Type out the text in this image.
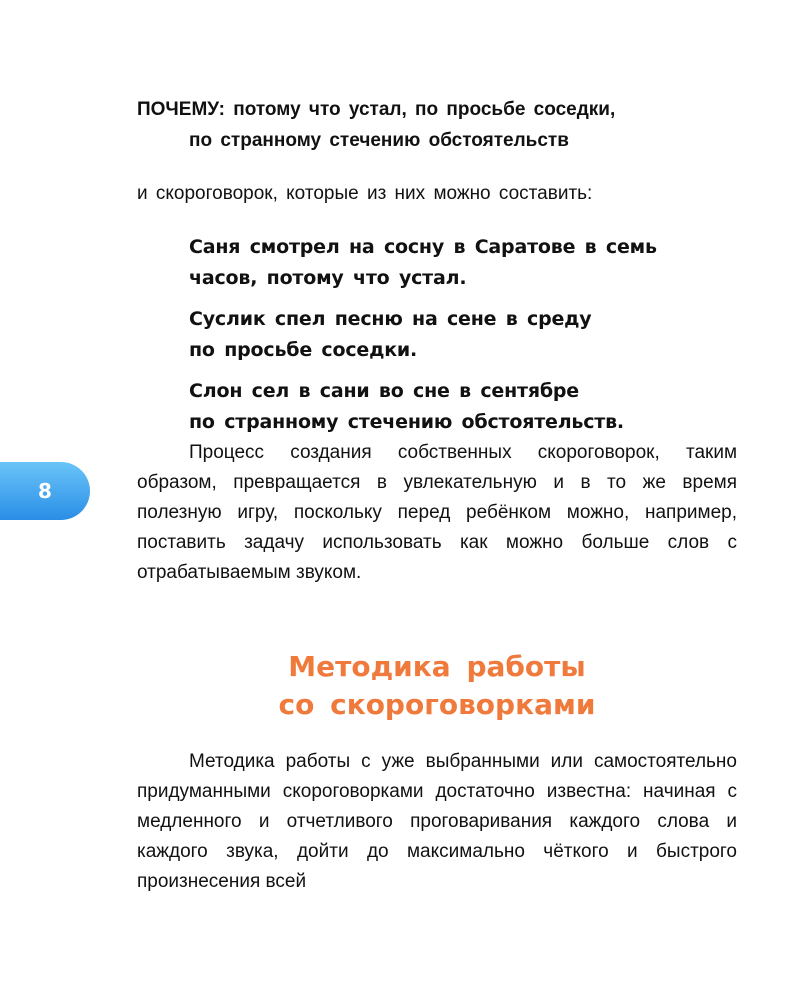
ПОЧЕМУ: потому что устал, по просьбе соседки,
по странному стечению обстоятельств
и скороговорок, которые из них можно составить:
Саня смотрел на сосну в Саратове в семь
часов, потому что устал.
Суслик спел песню на сене в среду
по просьбе соседки.
Слон сел в сани во сне в сентябре
по странному стечению обстоятельств.
8

Процесс создания собственных скороговорок, таким образом, превращается в увлекательную и в то же время полезную игру, поскольку перед ребёнком можно, например, поставить задачу использовать как можно больше слов с отрабатываемым звуком.

Методика работы
со скороговорками

Методика работы с уже выбранными или самостоятельно придуманными скороговорками достаточно известна: начиная с медленного и отчетливого проговаривания каждого слова и каждого звука, дойти до максимально чёткого и быстрого произнесения всей
